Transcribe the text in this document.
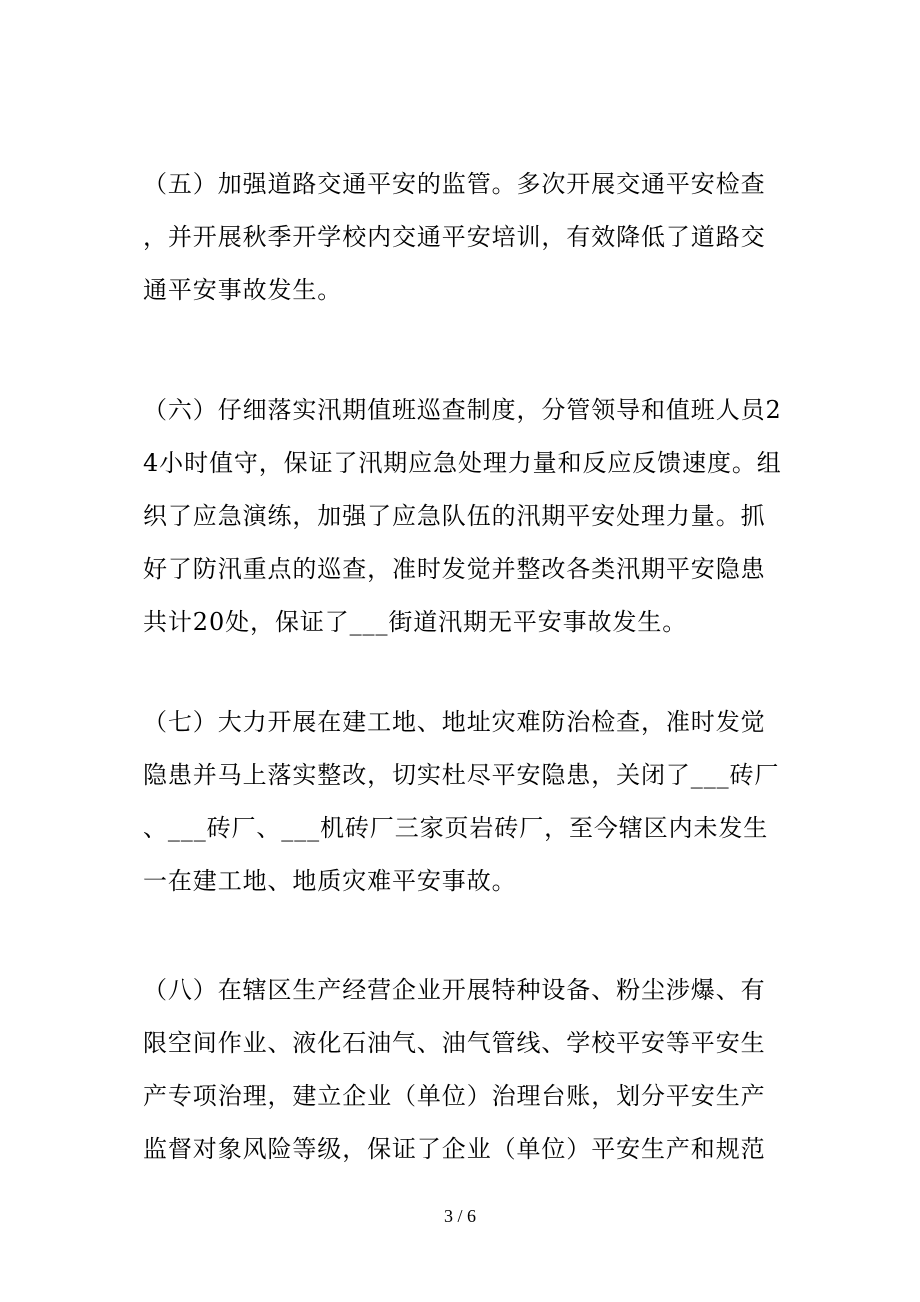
（五）加强道路交通平安的监管。多次开展交通平安检查
，并开展秋季开学校内交通平安培训，有效降低了道路交
通平安事故发生。
（六）仔细落实汛期值班巡查制度，分管领导和值班人员2
4小时值守，保证了汛期应急处理力量和反应反馈速度。组
织了应急演练，加强了应急队伍的汛期平安处理力量。抓
好了防汛重点的巡查，准时发觉并整改各类汛期平安隐患
共计20处，保证了___街道汛期无平安事故发生。
（七）大力开展在建工地、地址灾难防治检查，准时发觉
隐患并马上落实整改，切实杜尽平安隐患，关闭了___砖厂
、___砖厂、___机砖厂三家页岩砖厂，至今辖区内未发生
一在建工地、地质灾难平安事故。
（八）在辖区生产经营企业开展特种设备、粉尘涉爆、有
限空间作业、液化石油气、油气管线、学校平安等平安生
产专项治理，建立企业（单位）治理台账，划分平安生产
监督对象风险等级，保证了企业（单位）平安生产和规范
3 / 6
